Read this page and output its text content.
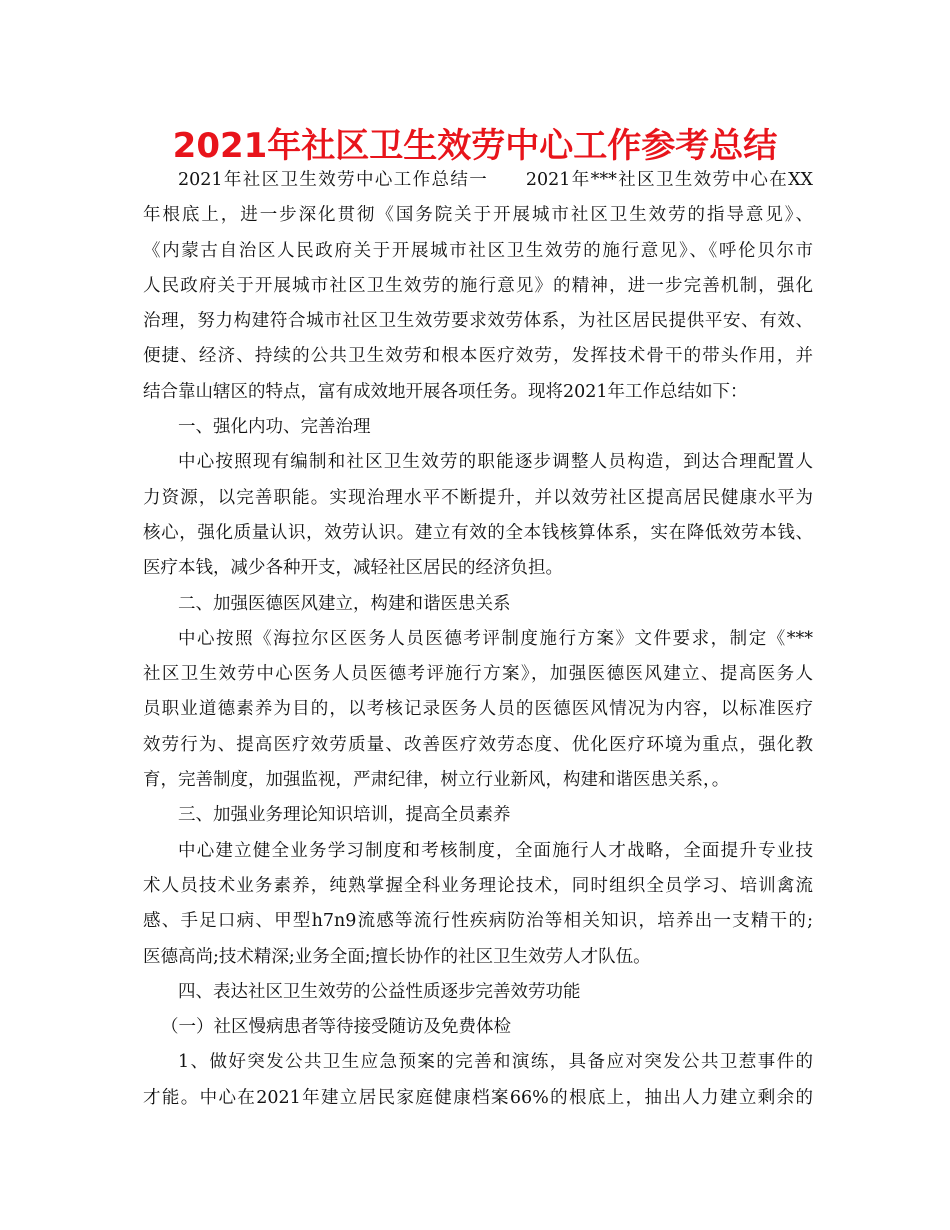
2021年社区卫生效劳中心工作参考总结

2021年社区卫生效劳中心工作总结一　　2021年***社区卫生效劳中心在XX

年根底上，进一步深化贯彻《国务院关于开展城市社区卫生效劳的指导意见》、

《内蒙古自治区人民政府关于开展城市社区卫生效劳的施行意见》、《呼伦贝尔市

人民政府关于开展城市社区卫生效劳的施行意见》的精神，进一步完善机制，强化

治理，努力构建符合城市社区卫生效劳要求效劳体系，为社区居民提供平安、有效、

便捷、经济、持续的公共卫生效劳和根本医疗效劳，发挥技术骨干的带头作用，并

结合靠山辖区的特点，富有成效地开展各项任务。现将2021年工作总结如下：

一、强化内功、完善治理

中心按照现有编制和社区卫生效劳的职能逐步调整人员构造，到达合理配置人

力资源，以完善职能。实现治理水平不断提升，并以效劳社区提高居民健康水平为

核心，强化质量认识，效劳认识。建立有效的全本钱核算体系，实在降低效劳本钱、

医疗本钱，减少各种开支，减轻社区居民的经济负担。

二、加强医德医风建立，构建和谐医患关系

中心按照《海拉尔区医务人员医德考评制度施行方案》文件要求，制定《***

社区卫生效劳中心医务人员医德考评施行方案》，加强医德医风建立、提高医务人

员职业道德素养为目的，以考核记录医务人员的医德医风情况为内容，以标准医疗

效劳行为、提高医疗效劳质量、改善医疗效劳态度、优化医疗环境为重点，强化教

育，完善制度，加强监视，严肃纪律，树立行业新风，构建和谐医患关系，。

三、加强业务理论知识培训，提高全员素养

中心建立健全业务学习制度和考核制度，全面施行人才战略，全面提升专业技

术人员技术业务素养，纯熟掌握全科业务理论技术，同时组织全员学习、培训禽流

感、手足口病、甲型h7n9流感等流行性疾病防治等相关知识，培养出一支精干的;

医德高尚;技术精深;业务全面;擅长协作的社区卫生效劳人才队伍。

四、表达社区卫生效劳的公益性质逐步完善效劳功能

（一）社区慢病患者等待接受随访及免费体检

1、做好突发公共卫生应急预案的完善和演练，具备应对突发公共卫惹事件的

才能。中心在2021年建立居民家庭健康档案66%的根底上，抽出人力建立剩余的
